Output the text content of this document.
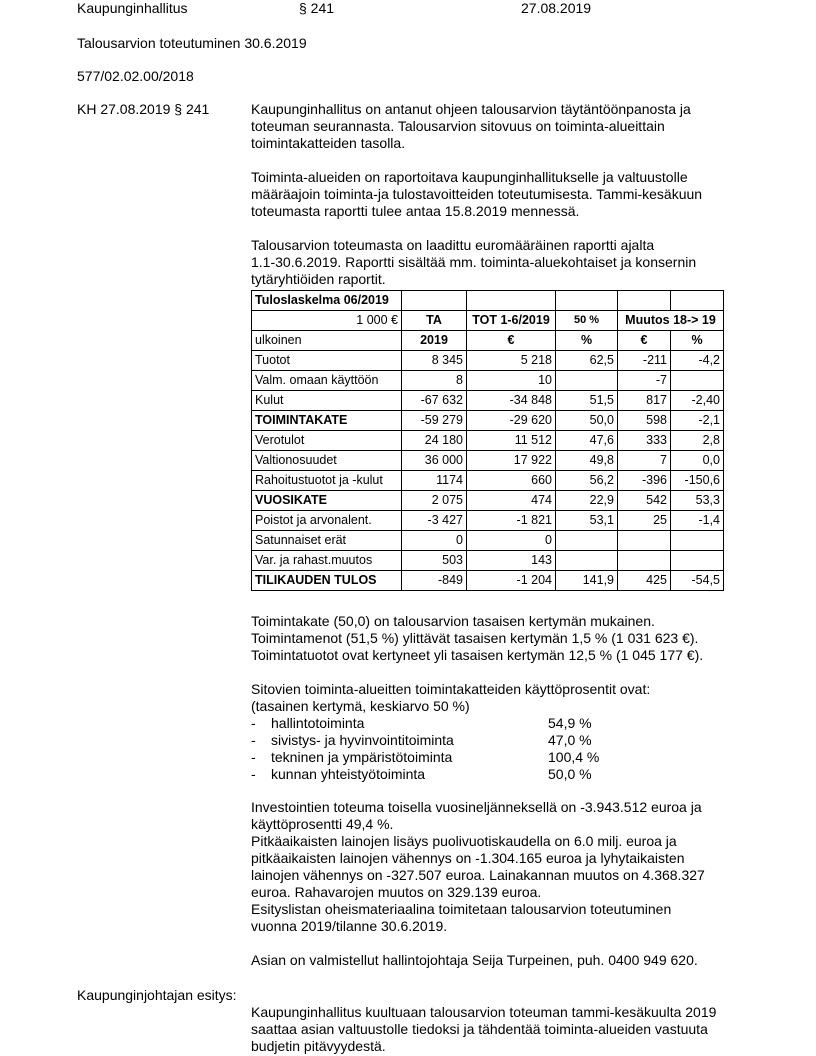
Kaupunginhallitus	§ 241	27.08.2019
Talousarvion toteutuminen 30.6.2019
577/02.02.00/2018
KH 27.08.2019 § 241	Kaupunginhallitus on antanut ohjeen talousarvion täytäntöönpanosta ja
toteuman seurannasta. Talousarvion sitovuus on toiminta-alueittain
toimintakatteiden tasolla.
Toiminta-alueiden on raportoitava kaupunginhallitukselle ja valtuustolle
määräajoin toiminta-ja tulostavoitteiden toteutumisesta. Tammi-kesäkuun
toteumasta raportti tulee antaa 15.8.2019 mennessä.
Talousarvion toteumasta on laadittu euromääräinen raportti ajalta
1.1-30.6.2019. Raportti sisältää mm. toiminta-aluekohtaiset ja konsernin
tytäryhtiöiden raportit.
Tuloslaskelma 06/2019					
1 000 €	TA	TOT 1-6/2019	50 %	Muutos 18-> 19	
ulkoinen	2019	€	%	€	%
Tuotot	8 345	5 218	62,5	-211	-4,2
Valm. omaan käyttöön	8	10		-7	
Kulut	-67 632	-34 848	51,5	817	-2,40
TOIMINTAKATE	-59 279	-29 620	50,0	598	-2,1
Verotulot	24 180	11 512	47,6	333	2,8
Valtionosuudet	36 000	17 922	49,8	7	0,0
Rahoitustuotot ja -kulut	1174	660	56,2	-396	-150,6
VUOSIKATE	2 075	474	22,9	542	53,3
Poistot ja arvonalent.	-3 427	-1 821	53,1	25	-1,4
Satunnaiset erät	0	0			
Var. ja rahast.muutos	503	143			
TILIKAUDEN TULOS	-849	-1 204	141,9	425	-54,5
Toimintakate (50,0) on talousarvion tasaisen kertymän mukainen.
Toimintamenot (51,5 %) ylittävät tasaisen kertymän 1,5 % (1 031 623 €).
Toimintatuotot ovat kertyneet yli tasaisen kertymän 12,5 % (1 045 177 €).
Sitovien toiminta-alueitten toimintakatteiden käyttöprosentit ovat:
(tasainen kertymä, keskiarvo 50 %)
-	hallintotoiminta	54,9 %
-	sivistys- ja hyvinvointitoiminta	47,0 %
-	tekninen ja ympäristötoiminta	100,4 %
-	kunnan yhteistyötoiminta	50,0 %
Investointien toteuma toisella vuosineljänneksellä on -3.943.512 euroa ja
käyttöprosentti 49,4 %.
Pitkäaikaisten lainojen lisäys puolivuotiskaudella on 6.0 milj. euroa ja
pitkäaikaisten lainojen vähennys on -1.304.165 euroa ja lyhytaikaisten
lainojen vähennys on -327.507 euroa. Lainakannan muutos on 4.368.327
euroa. Rahavarojen muutos on 329.139 euroa.
Esityslistan oheismateriaalina toimitetaan talousarvion toteutuminen
vuonna 2019/tilanne 30.6.2019.
Asian on valmistellut hallintojohtaja Seija Turpeinen, puh. 0400 949 620.
Kaupunginjohtajan esitys:
Kaupunginhallitus kuultuaan talousarvion toteuman tammi-kesäkuulta 2019
saattaa asian valtuustolle tiedoksi ja tähdentää toiminta-alueiden vastuuta
budjetin pitävyydestä.
